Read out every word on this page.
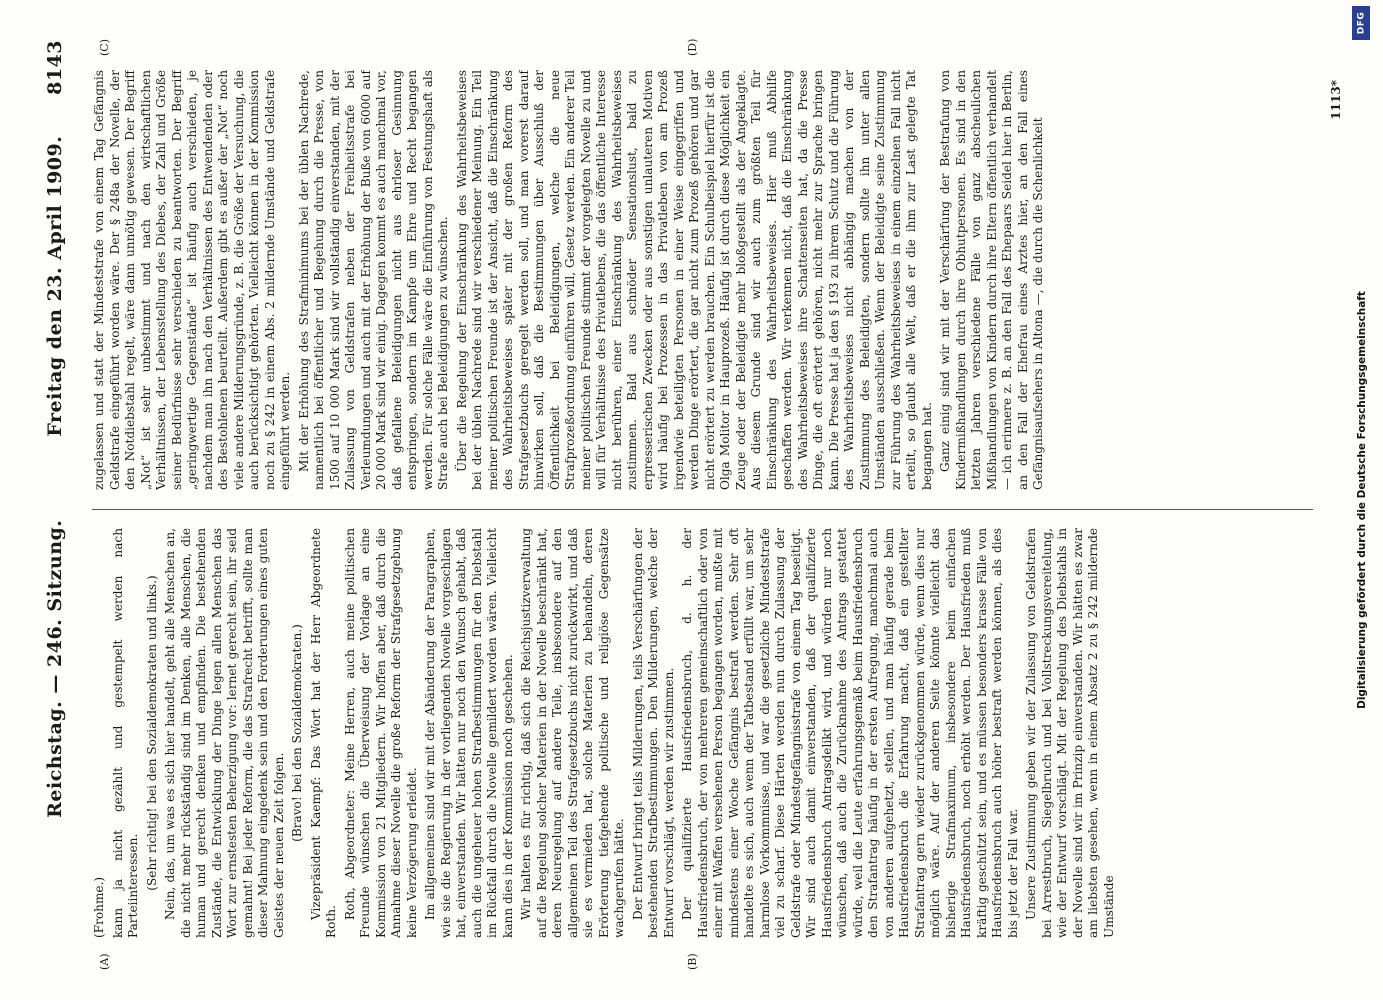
Reichstag. — 246. Sitzung.
Freitag den 23. April 1909.
8143
(A)	(B)
(C)	(D)

(Frohme.) kann ja nicht gezählt und gestempelt werden nach Parteiinteressen. (Sehr richtig! bei den Sozialdemokraten und links.) Nein, das, um was es sich hier handelt, geht alle Menschen an, die nicht mehr rückständig sind im Denken, alle Menschen, die human und gerecht denken und empfinden. Die bestehenden Zustände, die Entwicklung der Dinge legen allen Menschen das Wort zur ernstesten Beherzigung vor: lernet gerecht sein, ihr seid gemahnt! Bei jeder Reform, die das Strafrecht betrifft, sollte man dieser Mahnung eingedenk sein und den Forderungen eines guten Geistes der neuen Zeit folgen.

(Bravo! bei den Sozialdemokraten.) Vizepräsident Kaempf: Das Wort hat der Herr Abgeordnete Roth.

Roth, Abgeordneter: Meine Herren, auch meine politischen Freunde wünschen die Überweisung der Vorlage an eine Kommission von 21 Mitgliedern. Wir hoffen aber, daß durch die Annahme dieser Novelle die große Reform der Strafgesetzgebung keine Verzögerung erleidet. Im allgemeinen sind wir mit der Abänderung der Paragraphen, wie sie die Regierung in der vorliegenden Novelle vorgeschlagen hat, einverstanden. Wir hätten nur noch den Wunsch gehabt, daß auch die ungeheuer hohen Strafbestimmungen für den Diebstahl im Rückfall durch die Novelle gemildert worden wären. Vielleicht kann dies in der Kommission noch geschehen. Wir halten es für richtig, daß sich die Reichsjustizverwaltung auf die Regelung solcher Materien in der Novelle beschränkt hat, deren Neuregelung auf andere Teile, insbesondere auf den allgemeinen Teil des Strafgesetzbuchs nicht zurückwirkt, und daß sie es vermieden hat, solche Materien zu behandeln, deren Erörterung tiefgehende politische und religiöse Gegensätze wachgerufen hätte. Der Entwurf bringt teils Milderungen, teils Verschärfungen der bestehenden Strafbestimmungen. Den Milderungen, welche der Entwurf vorschlägt, werden wir zustimmen. Der qualifizierte Hausfriedensbruch, d. h. der Hausfriedensbruch, der von mehreren gemeinschaftlich oder von einer mit Waffen versehenen Person begangen worden, mußte mit mindestens einer Woche Gefängnis bestraft werden. Sehr oft handelte es sich, auch wenn der Tatbestand erfüllt war, um sehr harmlose Vorkommnisse, und war die gesetzliche Mindeststrafe viel zu scharf. Diese Härten werden nun durch Zulassung der Geldstrafe oder Mindestgefängnisstrafe von einem Tag beseitigt. Wir sind auch damit einverstanden, daß der qualifizierte Hausfriedensbruch Antragsdelikt wird, und würden nur noch wünschen, daß auch die Zurücknahme des Antrags gestattet würde, weil die Leute erfahrungsgemäß beim Hausfriedensbruch den Strafantrag häufig in der ersten Aufregung, manchmal auch von anderen aufgehetzt, stellen, und man häufig gerade beim Hausfriedensbruch die Erfahrung macht, daß ein gestellter Strafantrag gern wieder zurückgenommen würde, wenn dies nur möglich wäre. Auf der anderen Seite könnte vielleicht das bisherige Strafmaximum, insbesondere beim einfachen Hausfriedensbruch, noch erhöht werden. Der Hausfrieden muß kräftig geschützt sein, und es müssen besonders krasse Fälle von Hausfriedensbruch auch höher bestraft werden können, als dies bis jetzt der Fall war. Unsere Zustimmung geben wir der Zulassung von Geldstrafen bei Arrestbruch, Siegelbruch und bei Vollstreckungsvereitelung, wie der Entwurf vorschlägt. Mit der Regelung des Diebstahls in der Novelle sind wir im Prinzip einverstanden. Wir hätten es zwar am liebsten gesehen, wenn in einem Absatz 2 zu § 242 mildernde Umstände

zugelassen und statt der Mindeststrafe von einem Tag Gefängnis Geldstrafe eingeführt worden wäre. Der § 248a der Novelle, der den Notdiebstahl regelt, wäre dann unnötig gewesen. Der Begriff „Not“ ist sehr unbestimmt und nach den wirtschaftlichen Verhältnissen, der Lebensstellung des Diebes, der Zahl und Größe seiner Bedürfnisse sehr verschieden zu beantworten. Der Begriff „geringwertige Gegenstände“ ist häufig auch verschieden, je nachdem man ihn nach den Verhältnissen des Entwendenden oder des Bestohlenen beurteilt. Außerdem gibt es außer der „Not“ noch viele andere Milderungsgründe, z. B. die Größe der Versuchung, die auch berücksichtigt gehörten. Vielleicht können in der Kommission noch zu § 242 in einem Abs. 2 mildernde Umstände und Geldstrafe eingeführt werden. Mit der Erhöhung des Strafminimums bei der üblen Nachrede, namentlich bei öffentlicher und Begehung durch die Presse, von 1500 auf 10 000 Mark sind wir vollständig einverstanden, mit der Zulassung von Geldstrafen neben der Freiheitsstrafe bei Verleumdungen und auch mit der Erhöhung der Buße von 6000 auf 20 000 Mark sind wir einig. Dagegen kommt es auch manchmal vor, daß gefallene Beleidigungen nicht aus ehrloser Gesinnung entspringen, sondern im Kampfe um Ehre und Recht begangen werden. Für solche Fälle wäre die Einführung von Festungshaft als Strafe auch bei Beleidigungen zu wünschen. Über die Regelung der Einschränkung des Wahrheitsbeweises bei der üblen Nachrede sind wir verschiedener Meinung. Ein Teil meiner politischen Freunde ist der Ansicht, daß die Einschränkung des Wahrheitsbeweises später mit der großen Reform des Strafgesetzbuchs geregelt werden soll, und man vorerst darauf hinwirken soll, daß die Bestimmungen über Ausschluß der Öffentlichkeit bei Beleidigungen, welche die neue Strafprozeßordnung einführen will, Gesetz werden. Ein anderer Teil meiner politischen Freunde stimmt der vorgelegten Novelle zu und will für Verhältnisse des Privatlebens, die das öffentliche Interesse nicht berühren, einer Einschränkung des Wahrheitsbeweises zustimmen. Bald aus schnöder Sensationslust, bald zu erpresserischen Zwecken oder aus sonstigen unlauteren Motiven wird häufig bei Prozessen in das Privatleben von am Prozeß irgendwie beteiligten Personen in einer Weise eingegriffen und werden Dinge erörtert, die gar nicht zum Prozeß gehören und gar nicht erörtert zu werden brauchen. Ein Schulbeispiel hierfür ist die Olga Molitor in Hauprozeß. Häufig ist durch diese Möglichkeit ein Zeuge oder der Beleidigte mehr bloßgestellt als der Angeklagte. Aus diesem Grunde sind wir auch zum größten Teil für Einschränkung des Wahrheitsbeweises. Hier muß Abhilfe geschaffen werden. Wir verkennen nicht, daß die Einschränkung des Wahrheitsbeweises ihre Schattenseiten hat, da die Presse Dinge, die oft erörtert gehören, nicht mehr zur Sprache bringen kann. Die Presse hat ja den § 193 zu ihrem Schutz und die Führung des Wahrheitsbeweises nicht abhängig machen von der Zustimmung des Beleidigten, sondern sollte ihn unter allen Umständen ausschließen. Wenn der Beleidigte seine Zustimmung zur Führung des Wahrheitsbeweises in einem einzelnen Fall nicht erteilt, so glaubt alle Welt, daß er die ihm zur Last gelegte Tat begangen hat. Ganz einig sind wir mit der Verschärfung der Bestrafung von Kindermißhandlungen durch ihre Obhutpersonen. Es sind in den letzten Jahren verschiedene Fälle von ganz abscheulichen Mißhandlungen von Kindern durch ihre Eltern öffentlich verhandelt — ich erinnere z. B. an den Fall des Ehepaars Seidel hier in Berlin, an den Fall der Ehefrau eines Arztes hier, an den Fall eines Gefängnisaufsehers in Altona —, die durch die Schenlichkeit

1113*
DFG
Digitalisierung gefördert durch die Deutsche Forschungsgemeinschaft
